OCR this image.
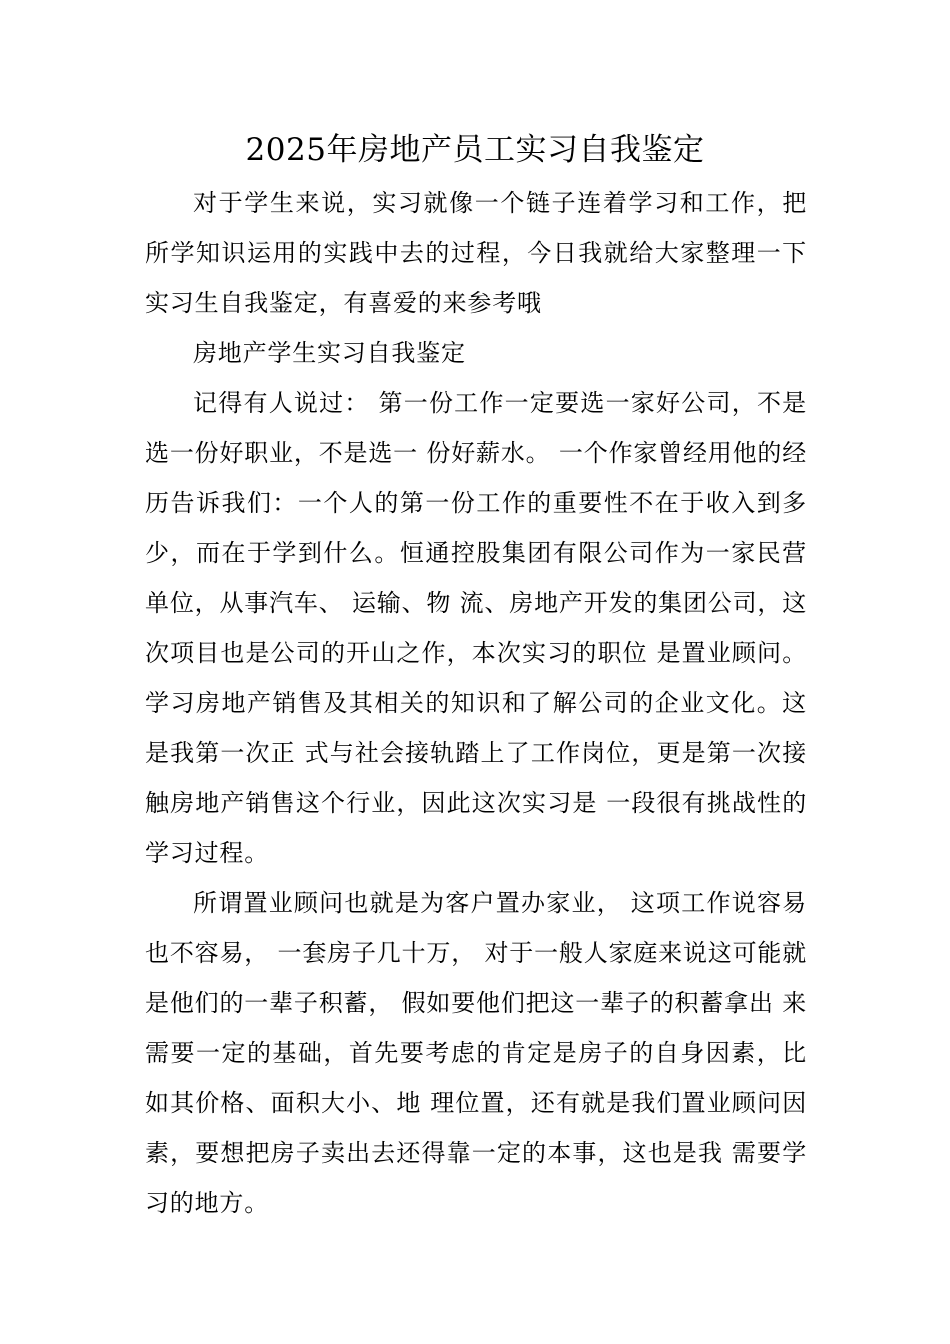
2025年房地产员工实习自我鉴定

对于学生来说，实习就像一个链子连着学习和工作，把所学知识运用的实践中去的过程，今日我就给大家整理一下实习生自我鉴定，有喜爱的来参考哦

房地产学生实习自我鉴定

记得有人说过： 第一份工作一定要选一家好公司，不是选一份好职业，不是选一 份好薪水。 一个作家曾经用他的经历告诉我们：一个人的第一份工作的重要性不在于收入到多少，而在于学到什么。恒通控股集团有限公司作为一家民营单位，从事汽车、 运输、物 流、房地产开发的集团公司，这次项目也是公司的开山之作，本次实习的职位 是置业顾问。学习房地产销售及其相关的知识和了解公司的企业文化。这是我第一次正 式与社会接轨踏上了工作岗位，更是第一次接触房地产销售这个行业，因此这次实习是 一段很有挑战性的学习过程。

所谓置业顾问也就是为客户置办家业， 这项工作说容易也不容易， 一套房子几十万， 对于一般人家庭来说这可能就是他们的一辈子积蓄， 假如要他们把这一辈子的积蓄拿出 来需要一定的基础，首先要考虑的肯定是房子的自身因素，比如其价格、面积大小、地 理位置，还有就是我们置业顾问因素，要想把房子卖出去还得靠一定的本事，这也是我 需要学习的地方。
